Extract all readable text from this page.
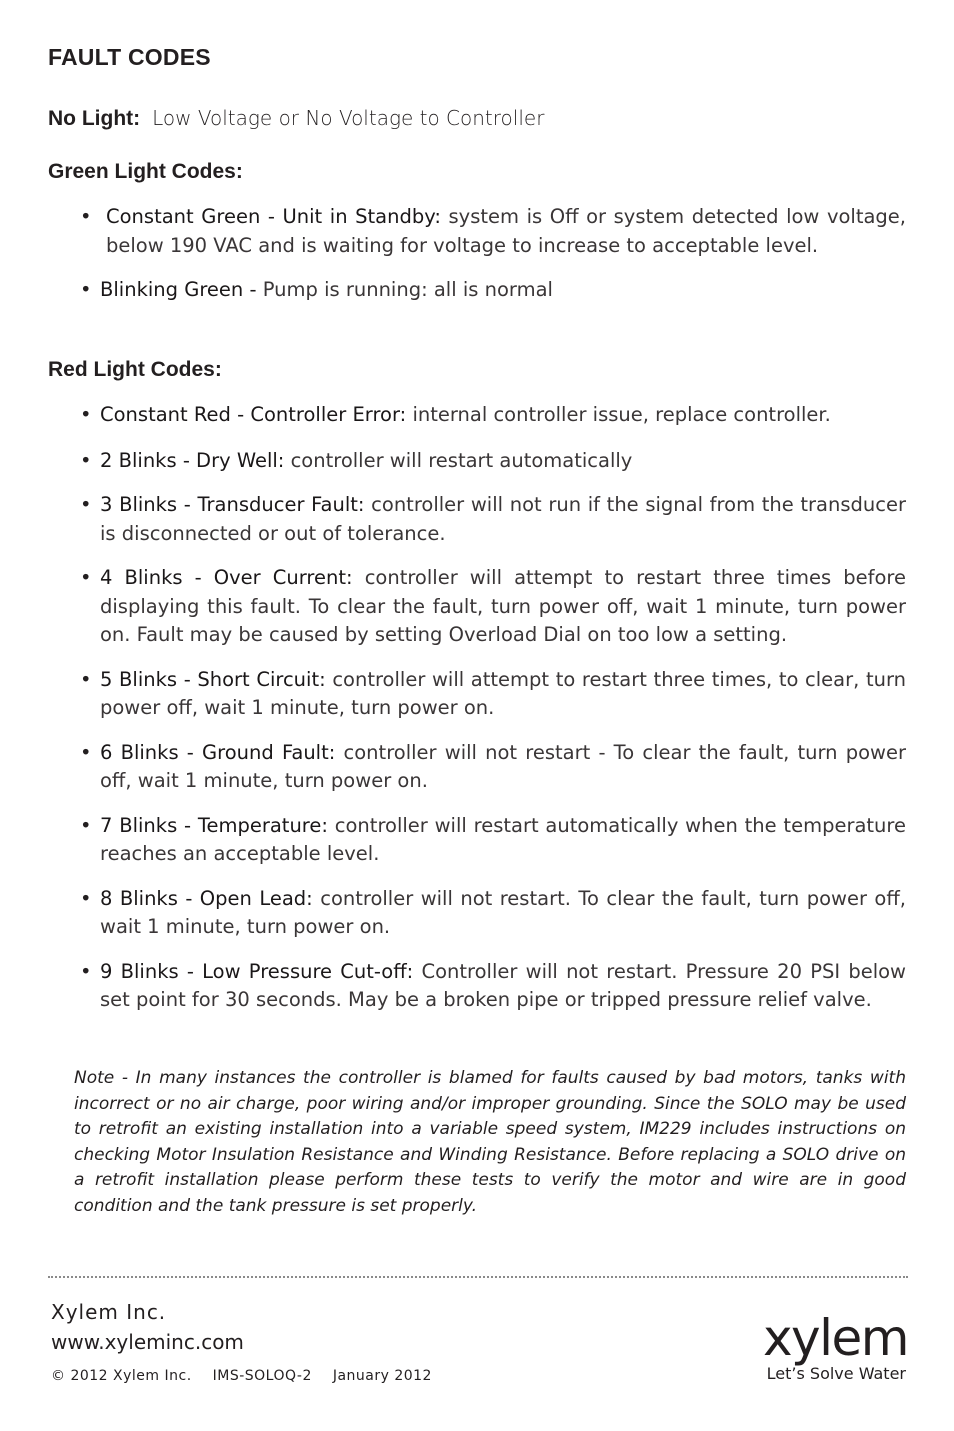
FAULT CODES
No Light: Low Voltage or No Voltage to Controller
Green Light Codes:
• Constant Green - Unit in Standby: system is Off or system detected low voltage, below 190 VAC and is waiting for voltage to increase to acceptable level.
• Blinking Green - Pump is running: all is normal
Red Light Codes:
• Constant Red - Controller Error: internal controller issue, replace controller.
• 2 Blinks - Dry Well: controller will restart automatically
• 3 Blinks - Transducer Fault: controller will not run if the signal from the transducer is disconnected or out of tolerance.
• 4 Blinks - Over Current: controller will attempt to restart three times before displaying this fault. To clear the fault, turn power off, wait 1 minute, turn power on. Fault may be caused by setting Overload Dial on too low a setting.
• 5 Blinks - Short Circuit: controller will attempt to restart three times, to clear, turn power off, wait 1 minute, turn power on.
• 6 Blinks - Ground Fault: controller will not restart - To clear the fault, turn power off, wait 1 minute, turn power on.
• 7 Blinks - Temperature: controller will restart automatically when the temperature reaches an acceptable level.
• 8 Blinks - Open Lead: controller will not restart. To clear the fault, turn power off, wait 1 minute, turn power on.
• 9 Blinks - Low Pressure Cut-off: Controller will not restart. Pressure 20 PSI below set point for 30 seconds. May be a broken pipe or tripped pressure relief valve.

Note - In many instances the controller is blamed for faults caused by bad motors, tanks with incorrect or no air charge, poor wiring and/or improper grounding. Since the SOLO may be used to retrofit an existing installation into a variable speed system, IM229 includes instructions on checking Motor Insulation Resistance and Winding Resistance. Before replacing a SOLO drive on a retrofit installation please perform these tests to verify the motor and wire are in good condition and the tank pressure is set properly.

Xylem Inc.
www.xyleminc.com
© 2012 Xylem Inc. IMS-SOLOQ-2 January 2012
xylem
Let’s Solve Water
